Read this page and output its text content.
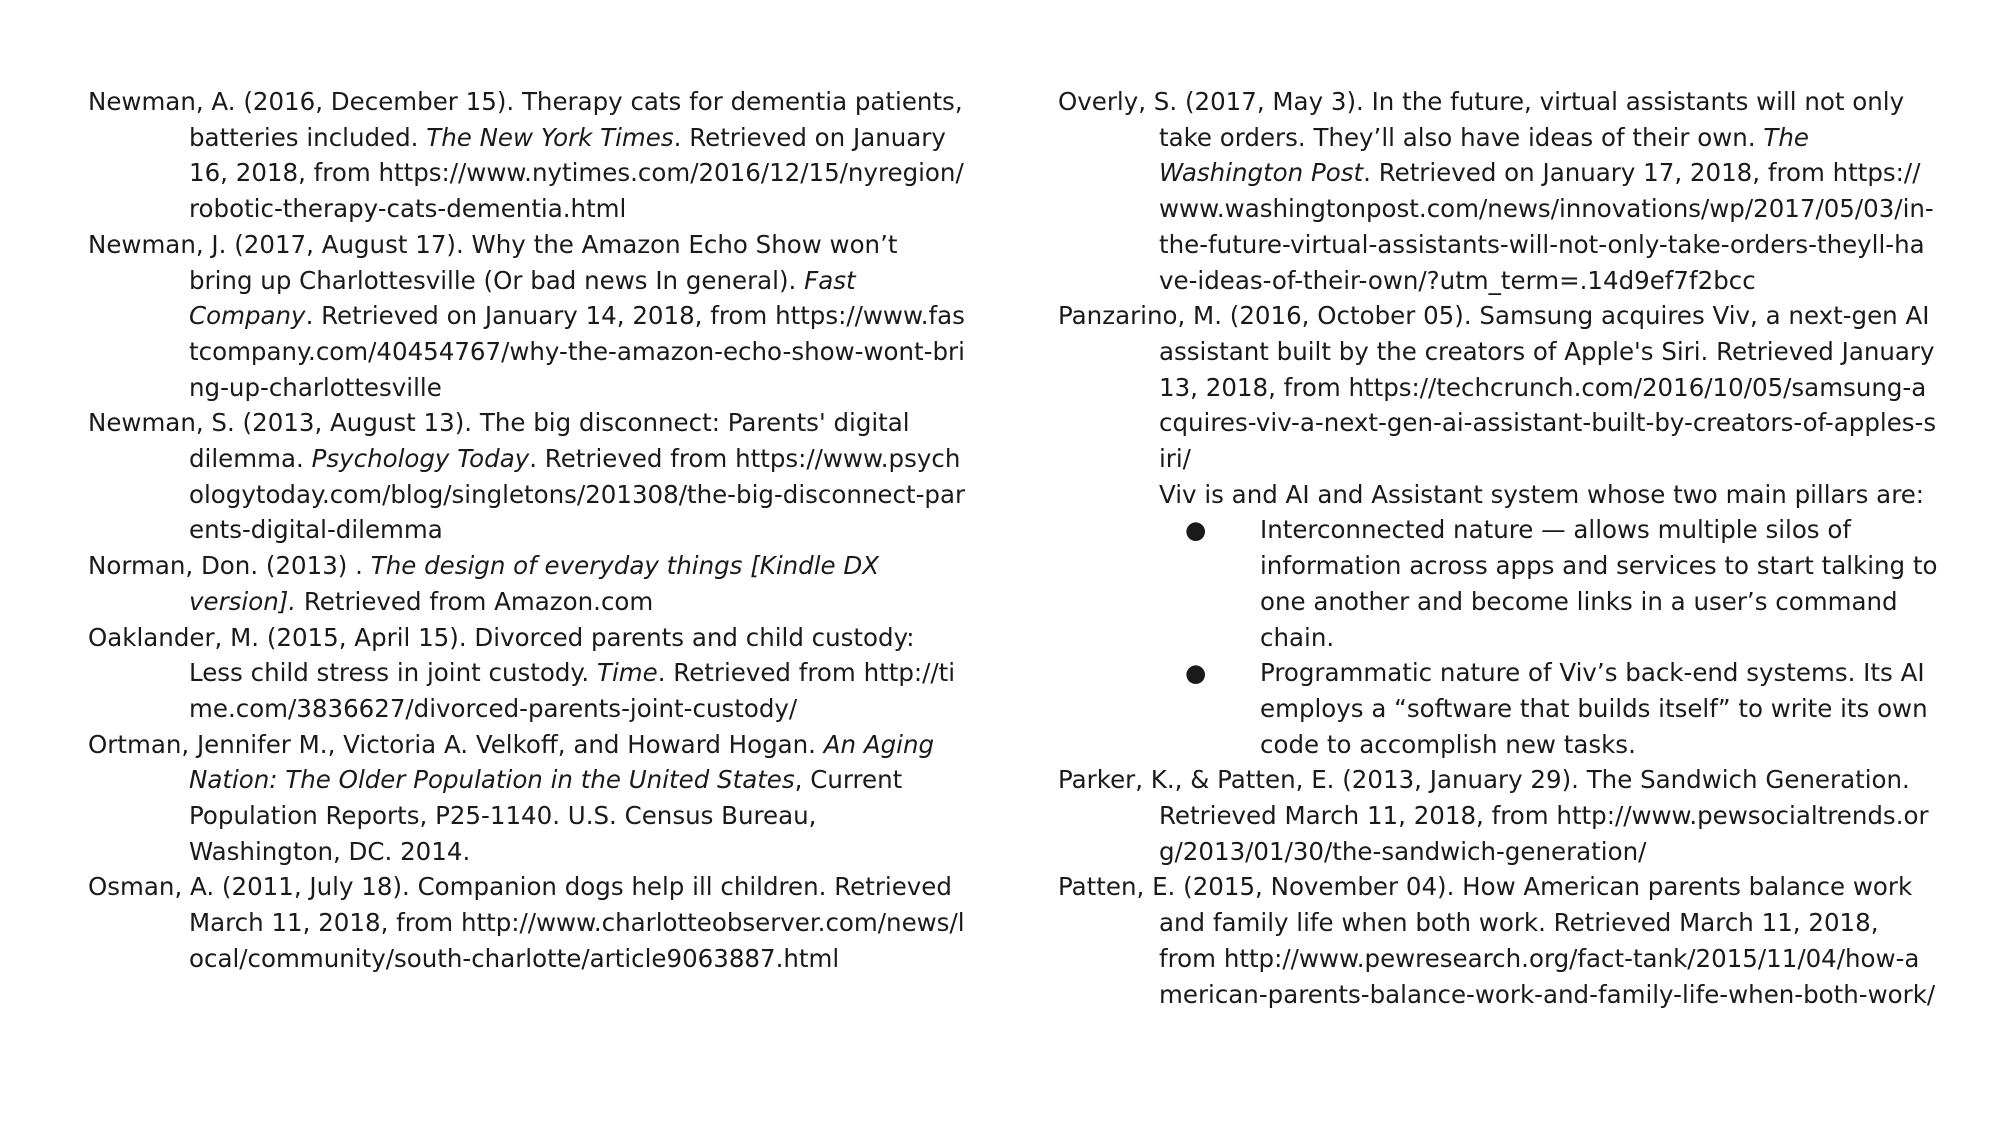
Newman, A. (2016, December 15). Therapy cats for dementia patients, batteries included. The New York Times. Retrieved on January 16, 2018, from https://www.nytimes.com/2016/12/15/nyregion/robotic-therapy-cats-dementia.html

Newman, J. (2017, August 17). Why the Amazon Echo Show won’t bring up Charlottesville (Or bad news In general). Fast Company. Retrieved on January 14, 2018, from https://www.fastcompany.com/40454767/why-the-amazon-echo-show-wont-bring-up-charlottesville

Newman, S. (2013, August 13). The big disconnect: Parents' digital dilemma. Psychology Today. Retrieved from https://www.psychologytoday.com/blog/singletons/201308/the-big-disconnect-parents-digital-dilemma

Norman, Don. (2013) . The design of everyday things [Kindle DX version]. Retrieved from Amazon.com

Oaklander, M. (2015, April 15). Divorced parents and child custody: Less child stress in joint custody. Time. Retrieved from http://time.com/3836627/divorced-parents-joint-custody/

Ortman, Jennifer M., Victoria A. Velkoff, and Howard Hogan. An Aging Nation: The Older Population in the United States, Current Population Reports, P25-1140. U.S. Census Bureau, Washington, DC. 2014.

Osman, A. (2011, July 18). Companion dogs help ill children. Retrieved March 11, 2018, from http://www.charlotteobserver.com/news/local/community/south-charlotte/article9063887.html

Overly, S. (2017, May 3). In the future, virtual assistants will not only take orders. They’ll also have ideas of their own. The Washington Post. Retrieved on January 17, 2018, from https://www.washingtonpost.com/news/innovations/wp/2017/05/03/in-the-future-virtual-assistants-will-not-only-take-orders-theyll-have-ideas-of-their-own/?utm_term=.14d9ef7f2bcc

Panzarino, M. (2016, October 05). Samsung acquires Viv, a next-gen AI assistant built by the creators of Apple's Siri. Retrieved January 13, 2018, from https://techcrunch.com/2016/10/05/samsung-acquires-viv-a-next-gen-ai-assistant-built-by-creators-of-apples-siri/

Viv is and AI and Assistant system whose two main pillars are:

● Interconnected nature — allows multiple silos of information across apps and services to start talking to one another and become links in a user’s command chain.
● Programmatic nature of Viv’s back-end systems. Its AI employs a “software that builds itself” to write its own code to accomplish new tasks.

Parker, K., & Patten, E. (2013, January 29). The Sandwich Generation. Retrieved March 11, 2018, from http://www.pewsocialtrends.org/2013/01/30/the-sandwich-generation/

Patten, E. (2015, November 04). How American parents balance work and family life when both work. Retrieved March 11, 2018, from http://www.pewresearch.org/fact-tank/2015/11/04/how-american-parents-balance-work-and-family-life-when-both-work/
